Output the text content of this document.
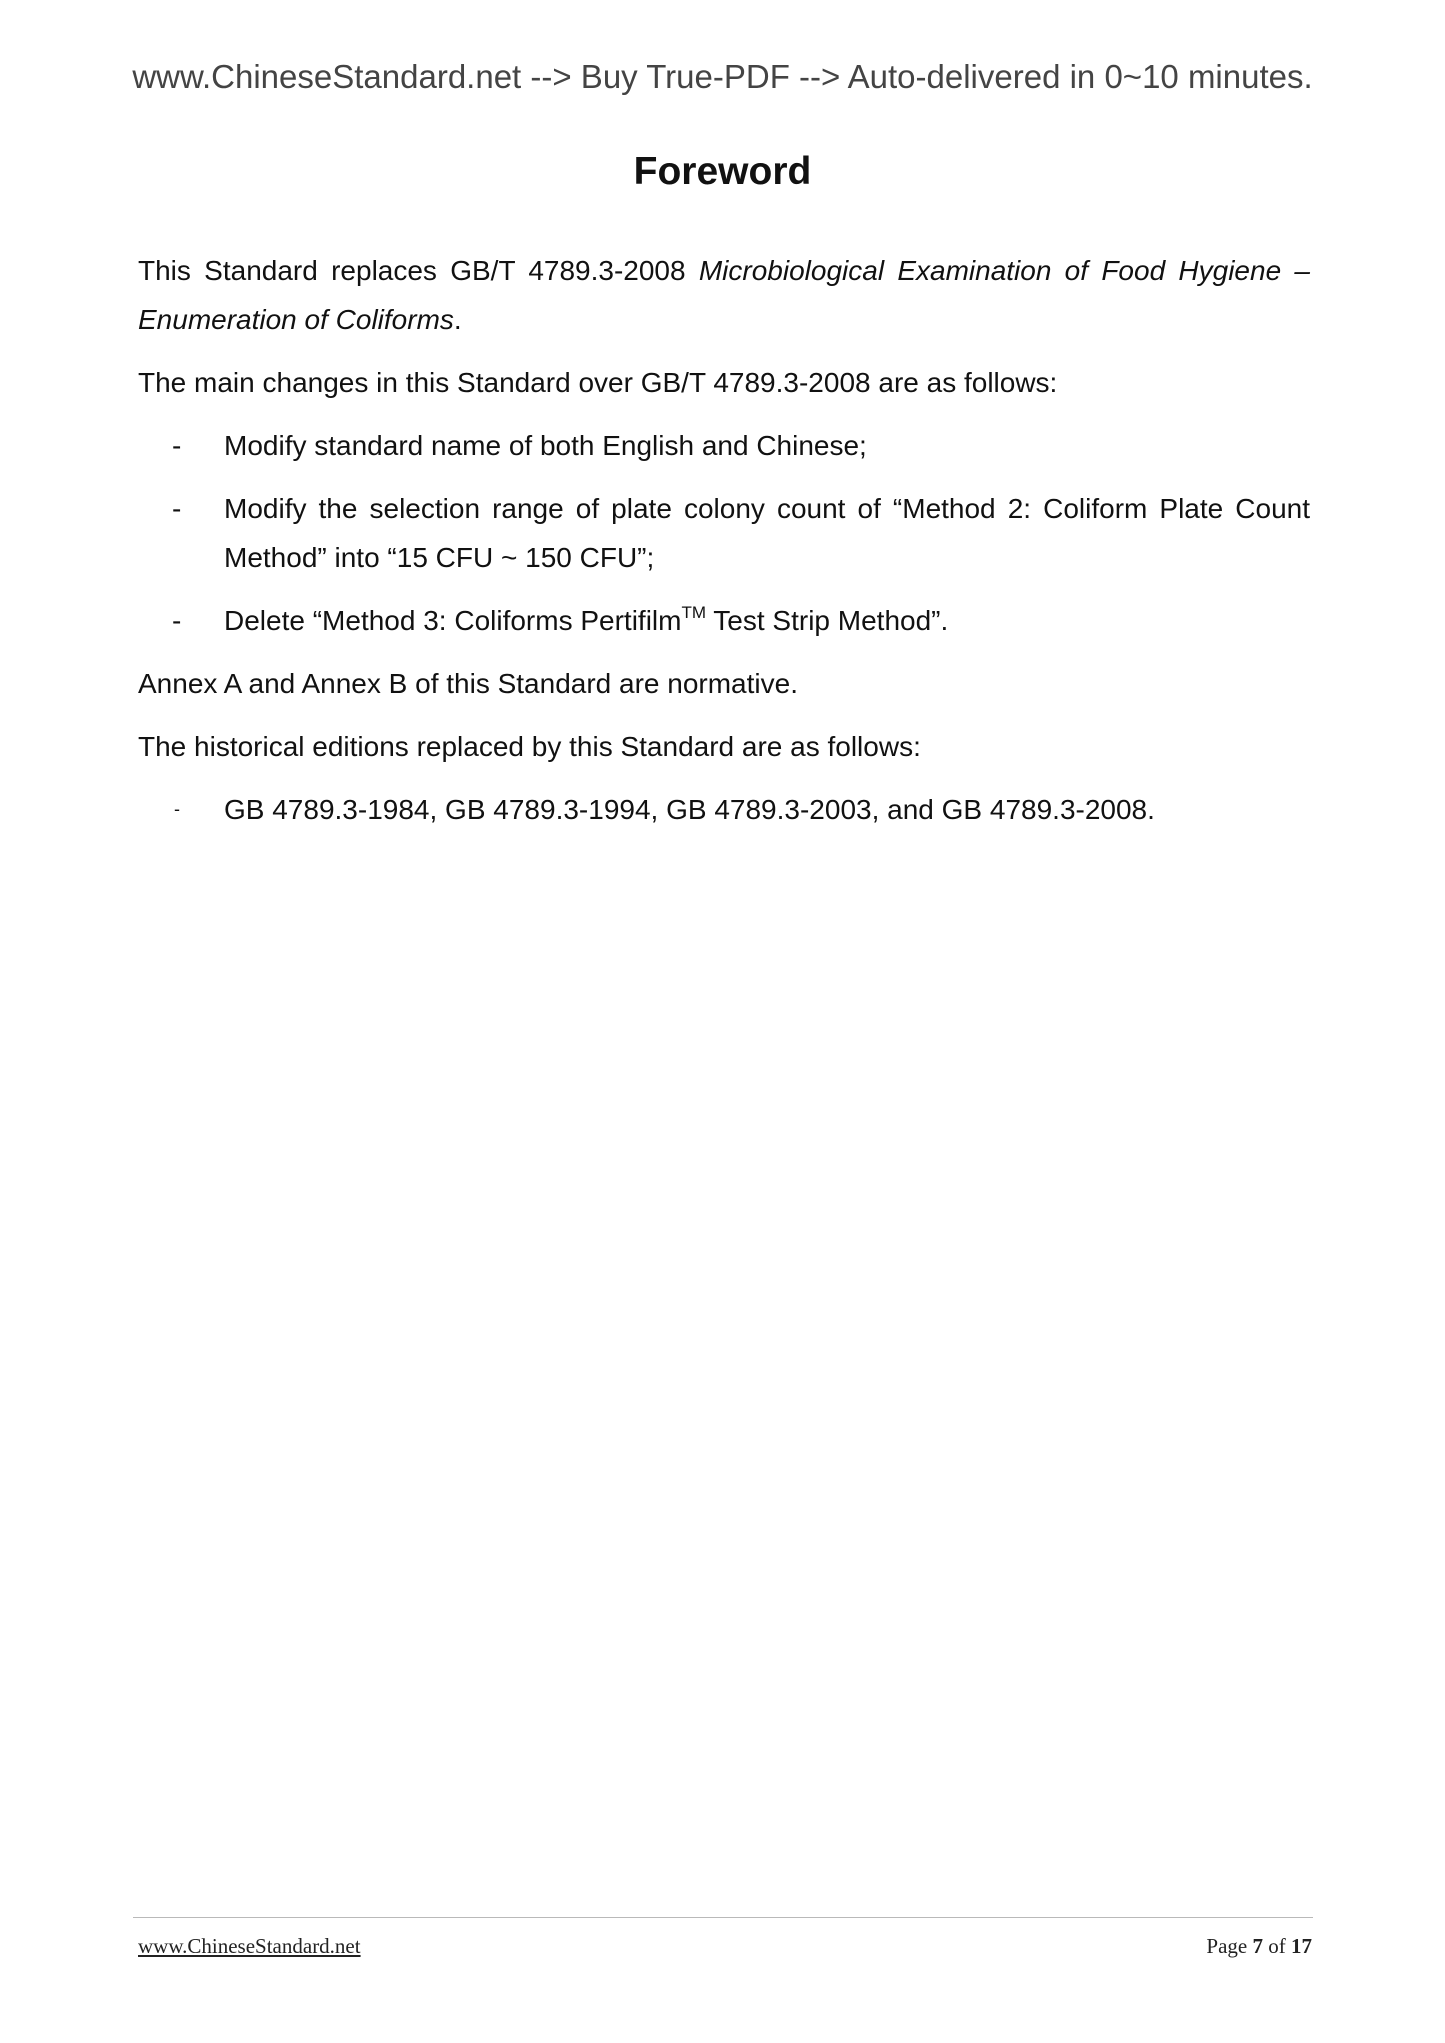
www.ChineseStandard.net --> Buy True-PDF --> Auto-delivered in 0~10 minutes.
Foreword

This Standard replaces GB/T 4789.3-2008 Microbiological Examination of Food Hygiene – Enumeration of Coliforms.

The main changes in this Standard over GB/T 4789.3-2008 are as follows:

- Modify standard name of both English and Chinese;
- Modify the selection range of plate colony count of “Method 2: Coliform Plate Count Method” into “15 CFU ~ 150 CFU”;
- Delete “Method 3: Coliforms Pertifilm™ Test Strip Method”.

Annex A and Annex B of this Standard are normative.

The historical editions replaced by this Standard are as follows:

- GB 4789.3-1984, GB 4789.3-1994, GB 4789.3-2003, and GB 4789.3-2008.
www.ChineseStandard.net	Page 7 of 17
